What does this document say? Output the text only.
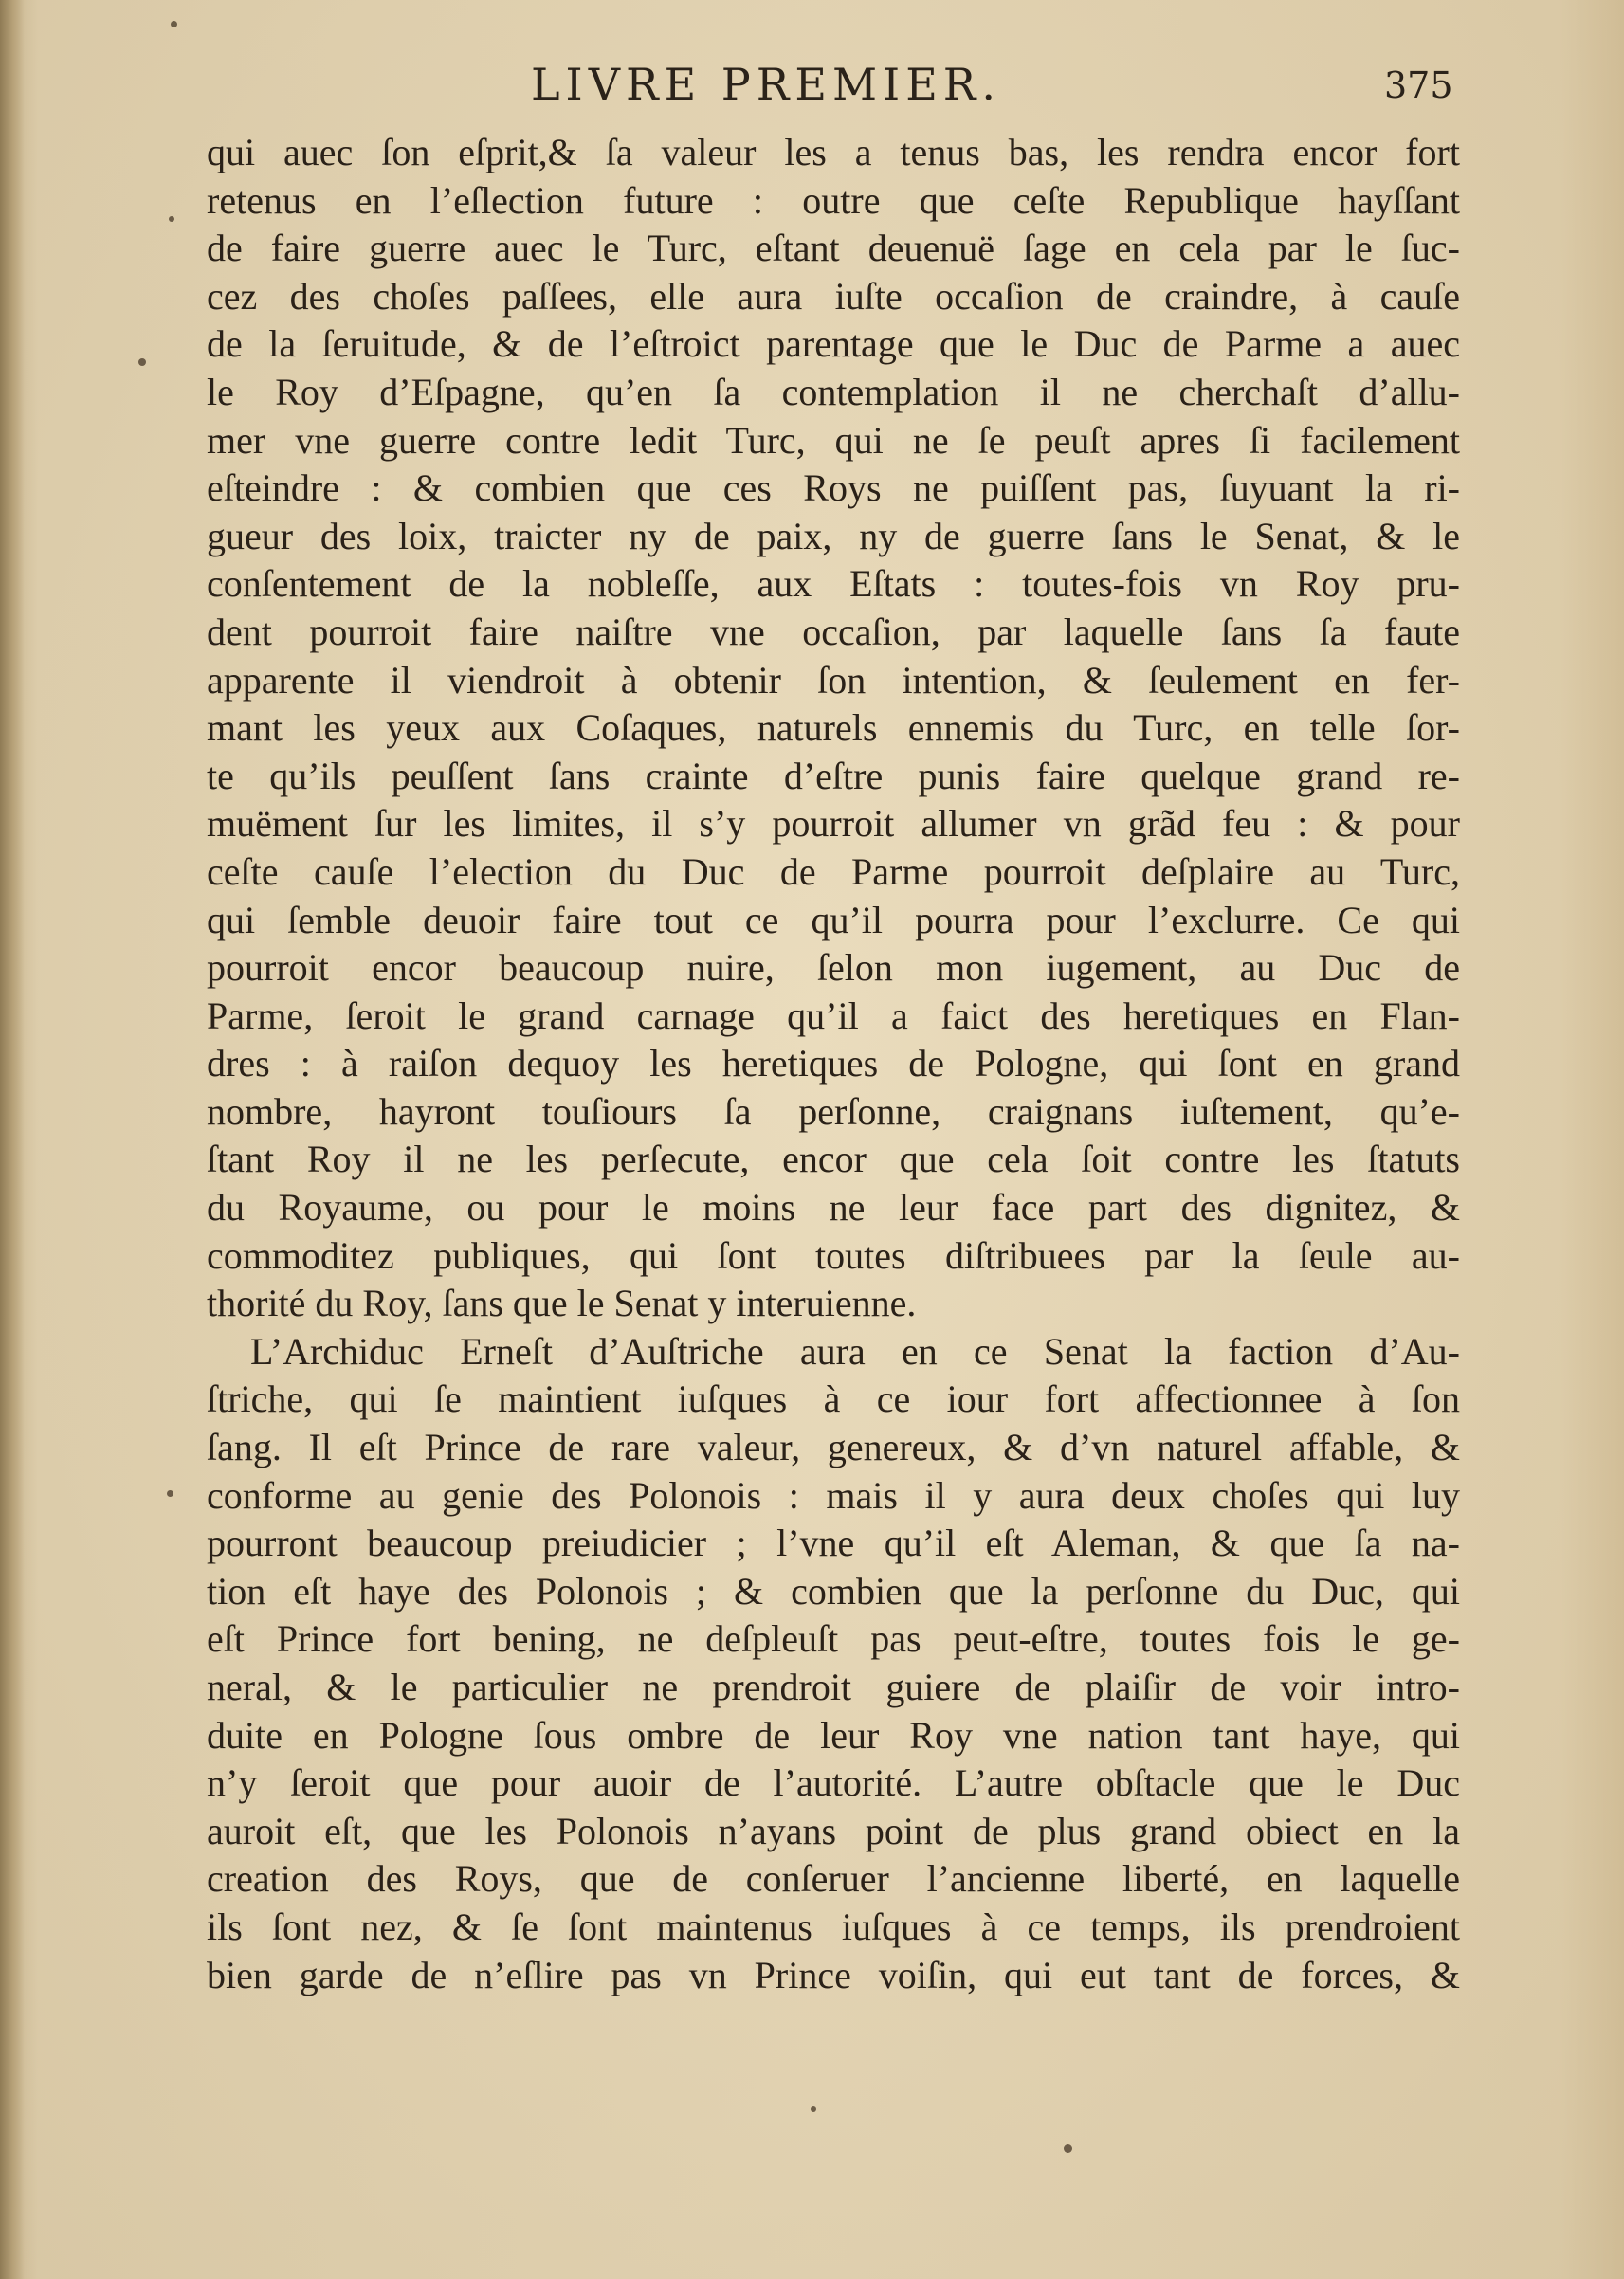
LIVRE PREMIER.	375
qui auec ſon eſprit,& ſa valeur les a tenus bas, les rendra encor fort
retenus en l’eſlection future : outre que ceſte Republique hayſſant
de faire guerre auec le Turc, eſtant deuenuë ſage en cela par le ſuc-
cez des choſes paſſees, elle aura iuſte occaſion de craindre, à cauſe
de la ſeruitude, & de l’eſtroict parentage que le Duc de Parme a auec
le Roy d’Eſpagne, qu’en ſa contemplation il ne cherchaſt d’allu-
mer vne guerre contre ledit Turc, qui ne ſe peuſt apres ſi facilement
eſteindre : & combien que ces Roys ne puiſſent pas, ſuyuant la ri-
gueur des loix, traicter ny de paix, ny de guerre ſans le Senat, & le
conſentement de la nobleſſe, aux Eſtats : toutes-fois vn Roy pru-
dent pourroit faire naiſtre vne occaſion, par laquelle ſans ſa faute
apparente il viendroit à obtenir ſon intention, & ſeulement en fer-
mant les yeux aux Coſaques, naturels ennemis du Turc, en telle ſor-
te qu’ils peuſſent ſans crainte d’eſtre punis faire quelque grand re-
muëment ſur les limites, il s’y pourroit allumer vn grãd feu : & pour
ceſte cauſe l’election du Duc de Parme pourroit deſplaire au Turc,
qui ſemble deuoir faire tout ce qu’il pourra pour l’exclurre. Ce qui
pourroit encor beaucoup nuire, ſelon mon iugement, au Duc de
Parme, ſeroit le grand carnage qu’il a faict des heretiques en Flan-
dres : à raiſon dequoy les heretiques de Pologne, qui ſont en grand
nombre, hayront touſiours ſa perſonne, craignans iuſtement, qu’e-
ſtant Roy il ne les perſecute, encor que cela ſoit contre les ſtatuts
du Royaume, ou pour le moins ne leur face part des dignitez, &
commoditez publiques, qui ſont toutes diſtribuees par la ſeule au-
thorité du Roy, ſans que le Senat y interuienne.
L’Archiduc Erneſt d’Auſtriche aura en ce Senat la faction d’Au-
ſtriche, qui ſe maintient iuſques à ce iour fort affectionnee à ſon
ſang. Il eſt Prince de rare valeur, genereux, & d’vn naturel affable, &
conforme au genie des Polonois : mais il y aura deux choſes qui luy
pourront beaucoup preiudicier ; l’vne qu’il eſt Aleman, & que ſa na-
tion eſt haye des Polonois ; & combien que la perſonne du Duc, qui
eſt Prince fort bening, ne deſpleuſt pas peut-eſtre, toutes fois le ge-
neral, & le particulier ne prendroit guiere de plaiſir de voir intro-
duite en Pologne ſous ombre de leur Roy vne nation tant haye, qui
n’y ſeroit que pour auoir de l’autorité. L’autre obſtacle que le Duc
auroit eſt, que les Polonois n’ayans point de plus grand obiect en la
creation des Roys, que de conſeruer l’ancienne liberté, en laquelle
ils ſont nez, & ſe ſont maintenus iuſques à ce temps, ils prendroient
bien garde de n’eſlire pas vn Prince voiſin, qui eut tant de forces, &
